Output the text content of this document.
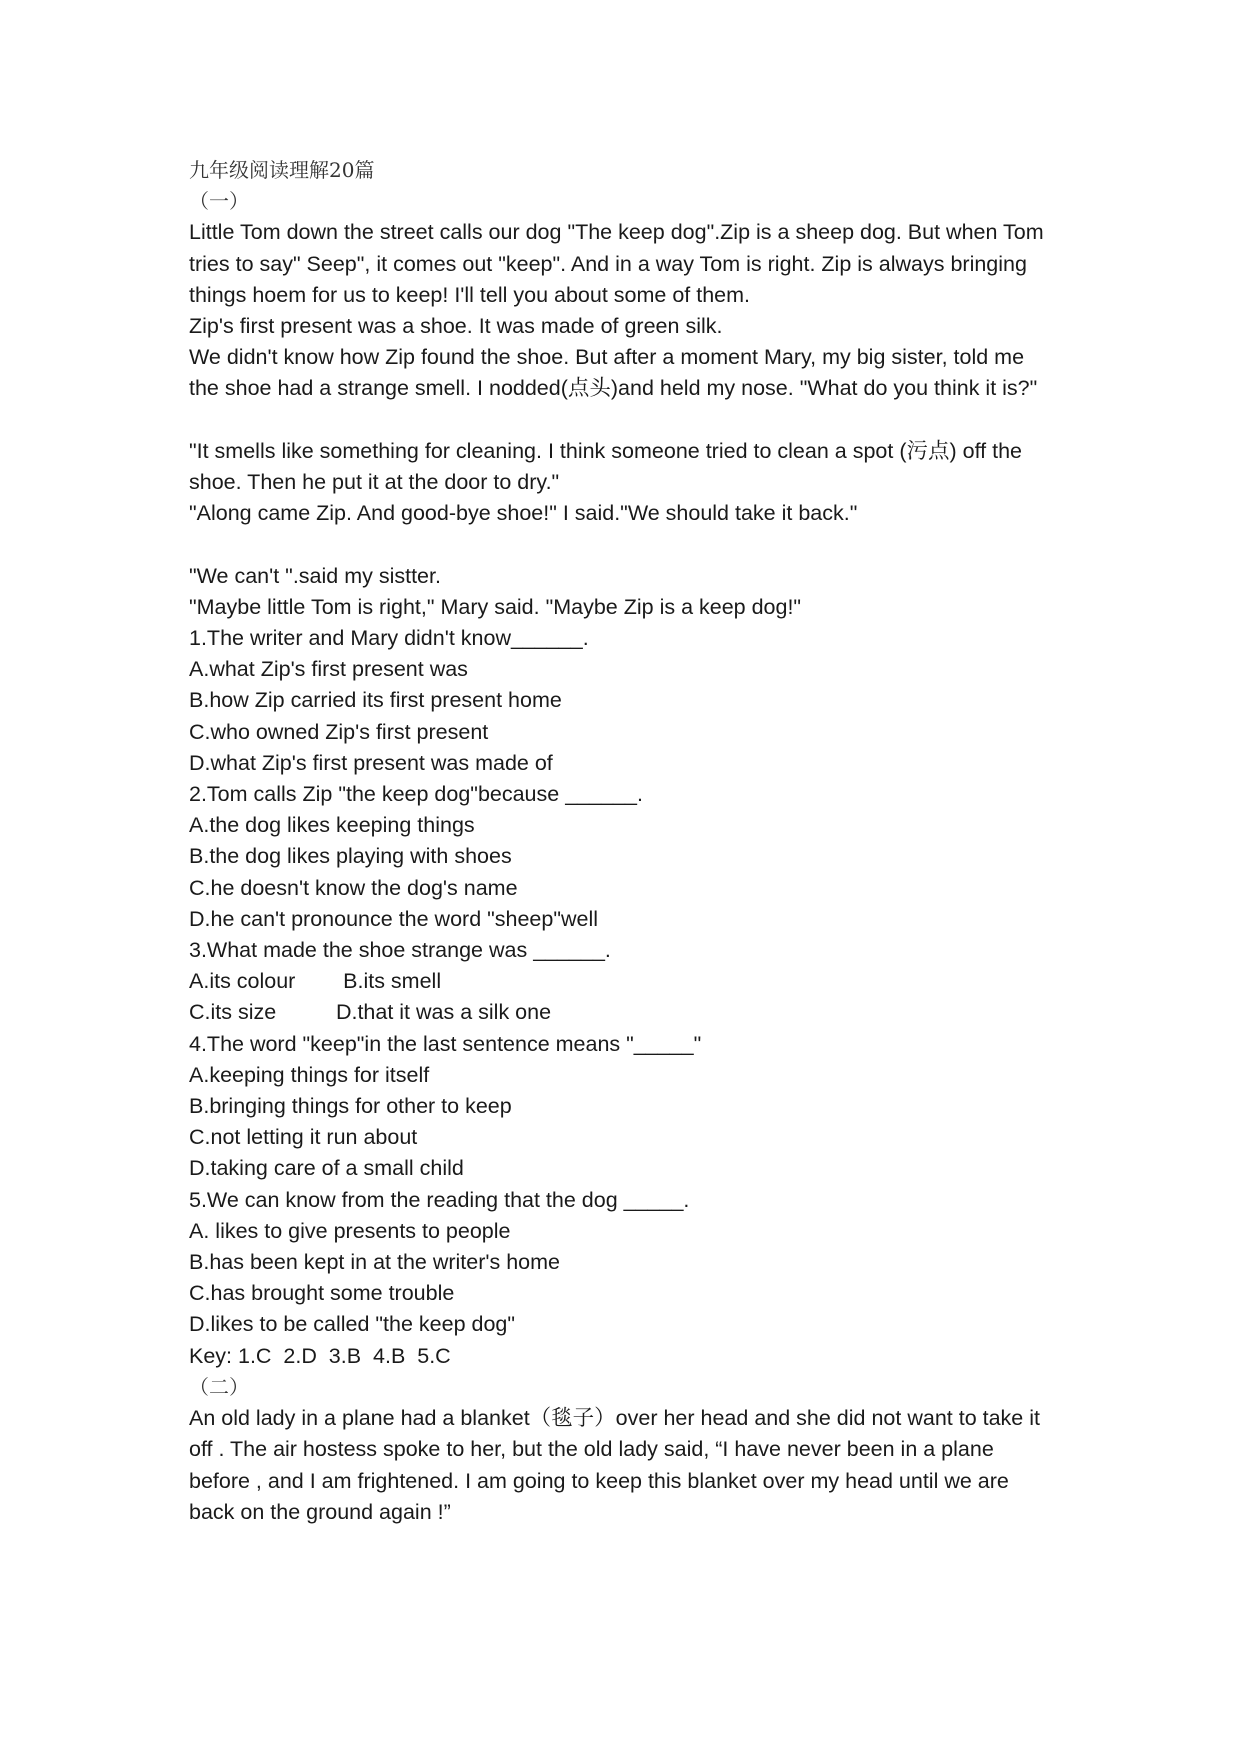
九年级阅读理解20篇
（一）
Little Tom down the street calls our dog "The keep dog".Zip is a sheep dog. But when Tom
tries to say" Seep", it comes out "keep". And in a way Tom is right. Zip is always bringing
things hoem for us to keep! I'll tell you about some of them.
Zip's first present was a shoe. It was made of green silk.
We didn't know how Zip found the shoe. But after a moment Mary, my big sister, told me
the shoe had a strange smell. I nodded(点头)and held my nose. "What do you think it is?"
"It smells like something for cleaning. I think someone tried to clean a spot (污点) off the
shoe. Then he put it at the door to dry."
"Along came Zip. And good-bye shoe!" I said."We should take it back."
"We can't ".said my sistter.
"Maybe little Tom is right," Mary said. "Maybe Zip is a keep dog!"
1.The writer and Mary didn't know______.
A.what Zip's first present was
B.how Zip carried its first present home
C.who owned Zip's first present
D.what Zip's first present was made of
2.Tom calls Zip "the keep dog"because ______.
A.the dog likes keeping things
B.the dog likes playing with shoes
C.he doesn't know the dog's name
D.he can't pronounce the word "sheep"well
3.What made the shoe strange was ______.
A.its colour        B.its smell
C.its size          D.that it was a silk one
4.The word "keep"in the last sentence means "_____"
A.keeping things for itself
B.bringing things for other to keep
C.not letting it run about
D.taking care of a small child
5.We can know from the reading that the dog _____.
A. likes to give presents to people
B.has been kept in at the writer's home
C.has brought some trouble
D.likes to be called "the keep dog"
Key: 1.C  2.D  3.B  4.B  5.C
（二）
An old lady in a plane had a blanket（毯子）over her head and she did not want to take it
off . The air hostess spoke to her, but the old lady said, “I have never been in a plane
before , and I am frightened. I am going to keep this blanket over my head until we are
back on the ground again !”
